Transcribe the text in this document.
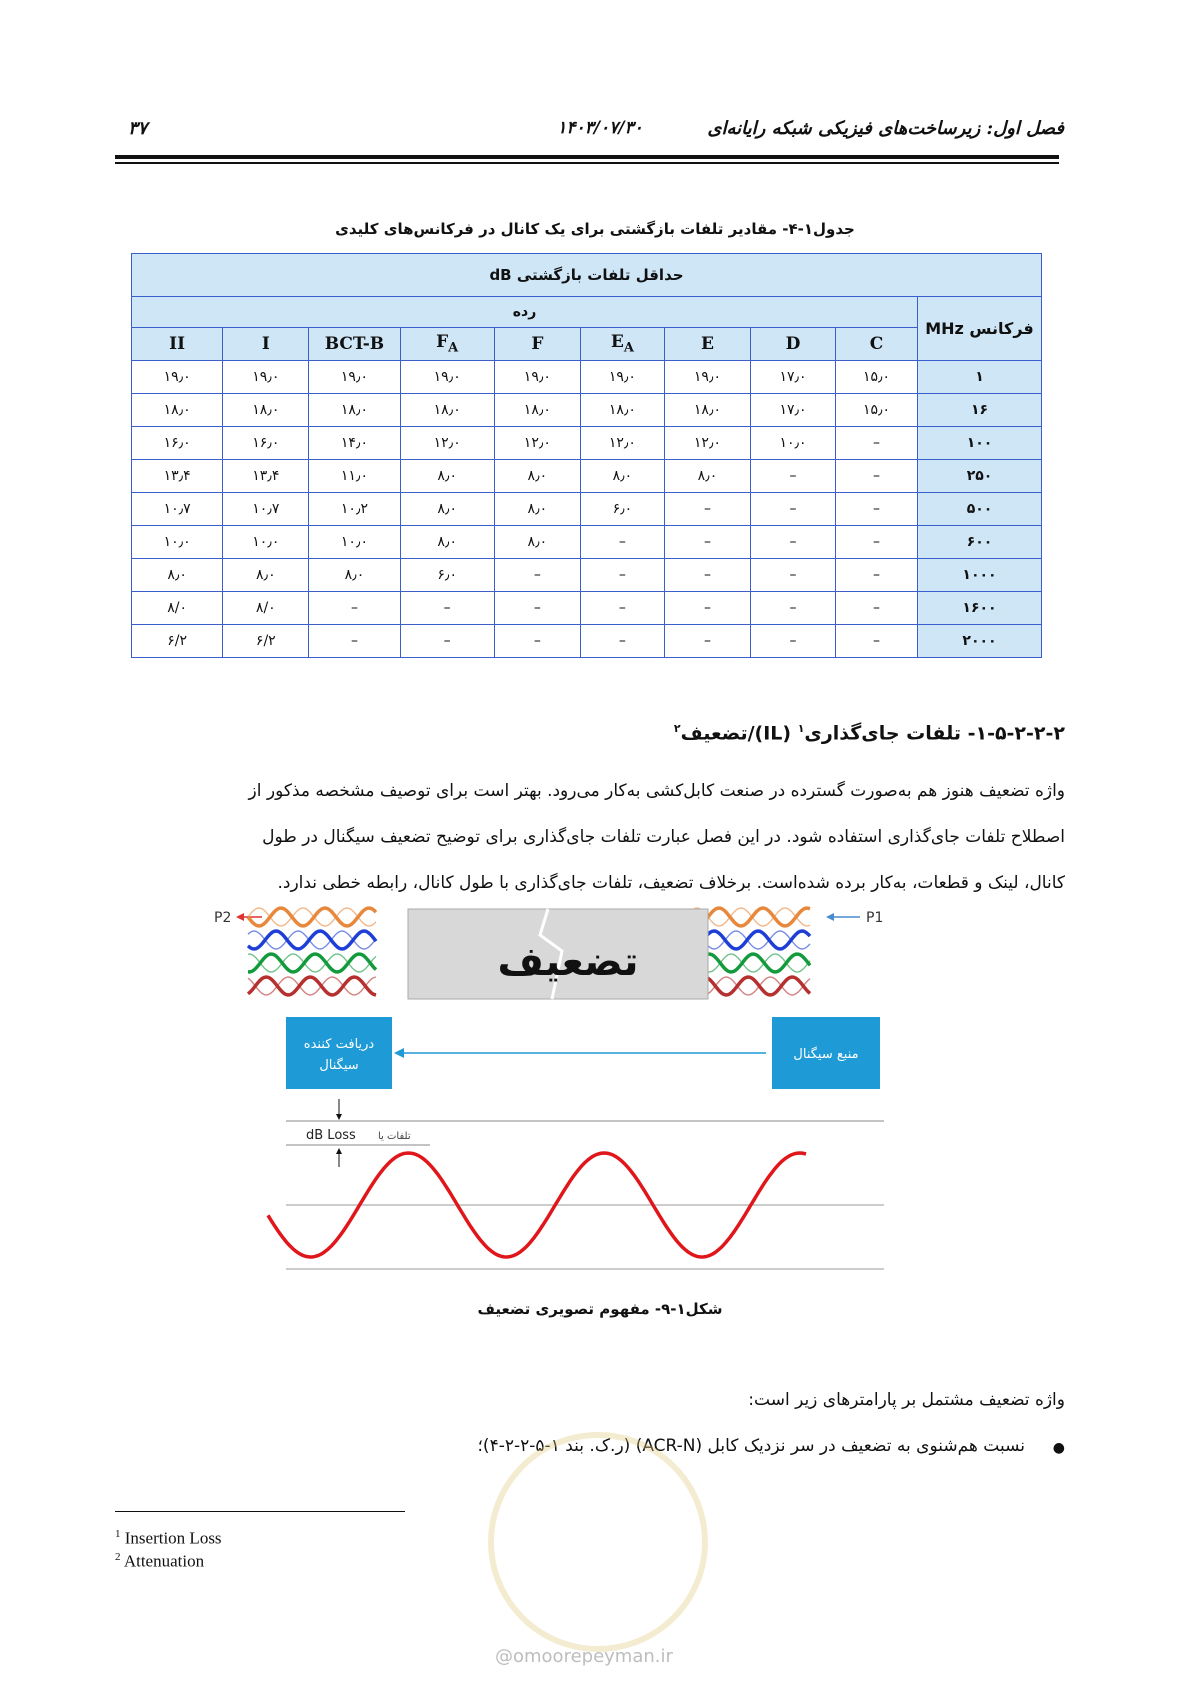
۳۷	۱۴۰۳/۰۷/۳۰	فصل اول: زیرساخت‌های فیزیکی شبکه رایانه‌ای
جدول۱-۴- مقادیر تلفات بازگشتی برای یک کانال در فرکانس‌های کلیدی
حداقل تلفات بازگشتی dB									
فرکانس MHz	رده								
	C	D	E	$E_A$	F	$F_A$	BCT-B	I	II
۱	۱۵٫۰	۱۷٫۰	۱۹٫۰	۱۹٫۰	۱۹٫۰	۱۹٫۰	۱۹٫۰	۱۹٫۰	۱۹٫۰
۱۶	۱۵٫۰	۱۷٫۰	۱۸٫۰	۱۸٫۰	۱۸٫۰	۱۸٫۰	۱۸٫۰	۱۸٫۰	۱۸٫۰
۱۰۰	–	۱۰٫۰	۱۲٫۰	۱۲٫۰	۱۲٫۰	۱۲٫۰	۱۴٫۰	۱۶٫۰	۱۶٫۰
۲۵۰	–	–	۸٫۰	۸٫۰	۸٫۰	۸٫۰	۱۱٫۰	۱۳٫۴	۱۳٫۴
۵۰۰	–	–	–	۶٫۰	۸٫۰	۸٫۰	۱۰٫۲	۱۰٫۷	۱۰٫۷
۶۰۰	–	–	–	–	۸٫۰	۸٫۰	۱۰٫۰	۱۰٫۰	۱۰٫۰
۱۰۰۰	–	–	–	–	–	۶٫۰	۸٫۰	۸٫۰	۸٫۰
۱۶۰۰	–	–	–	–	–	–	–	۸/۰	۸/۰
۲۰۰۰	–	–	–	–	–	–	–	۶/۲	۶/۲
۱-۵-۲-۲-۲- تلفات جای‌گذاری$^۱$ (IL)/تضعیف$^۲$
واژه تضعیف هنوز هم به‌صورت گسترده در صنعت کابل‌کشی به‌کار می‌رود. بهتر است برای توصیف مشخصه مذکور از
اصطلاح تلفات جای‌گذاری استفاده شود. در این فصل عبارت تلفات جای‌گذاری برای توضیح تضعیف سیگنال در طول
کانال، لینک و قطعات، به‌کار برده شده‌است. برخلاف تضعیف، تلفات جای‌گذاری با طول کانال، رابطه خطی ندارد.
P2	P1
تضعیف
دریافت کننده
سیگنال
منبع سیگنال
dB Loss تلفات یا
شکل۱-۹- مفهوم تصویری تضعیف
واژه تضعیف مشتمل بر پارامترهای زیر است:
●
نسبت هم‌شنوی به تضعیف در سر نزدیک کابل (ACR-N) (ر.ک. بند ۱-۵-۲-۲-۴)؛
$^1$ Insertion Loss
$^2$ Attenuation
@omoorepeyman.ir
